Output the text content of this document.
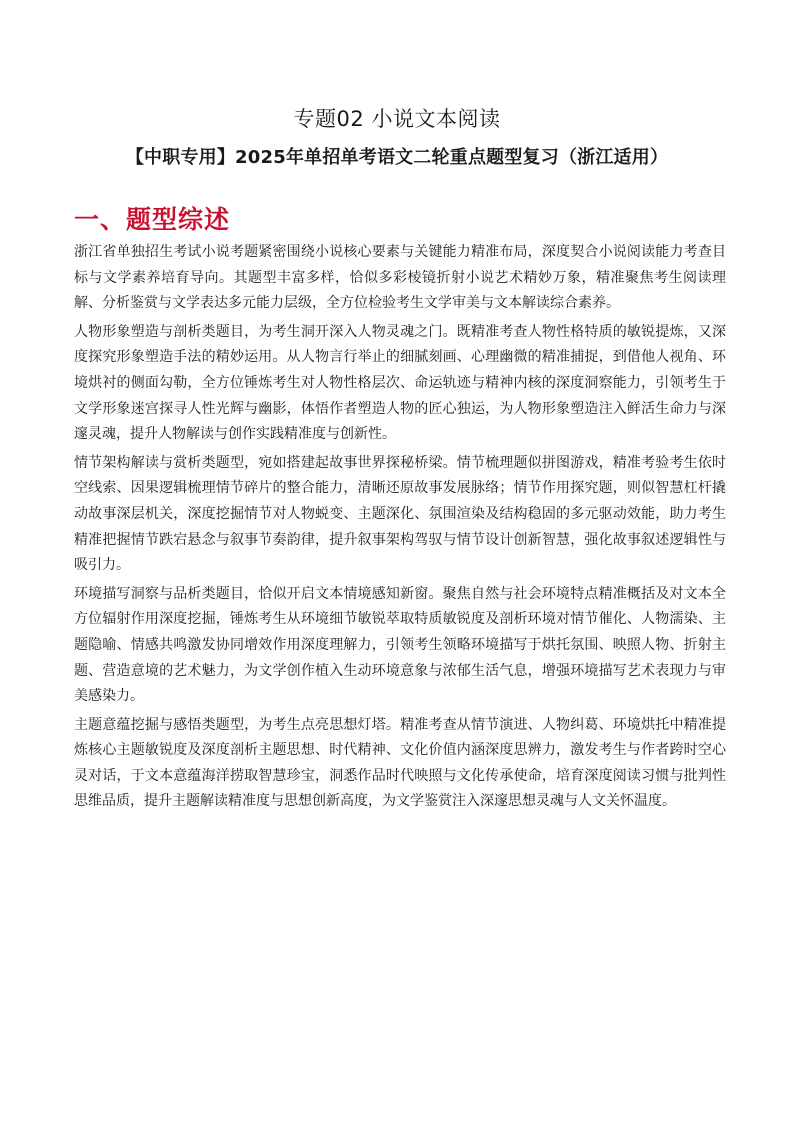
专题02 小说文本阅读
【中职专用】2025年单招单考语文二轮重点题型复习（浙江适用）
一、题型综述

浙江省单独招生考试小说考题紧密围绕小说核心要素与关键能力精准布局，深度契合小说阅读能力考查目标与文学素养培育导向。其题型丰富多样，恰似多彩棱镜折射小说艺术精妙万象，精准聚焦考生阅读理解、分析鉴赏与文学表达多元能力层级，全方位检验考生文学审美与文本解读综合素养。

人物形象塑造与剖析类题目，为考生洞开深入人物灵魂之门。既精准考查人物性格特质的敏锐提炼，又深度探究形象塑造手法的精妙运用。从人物言行举止的细腻刻画、心理幽微的精准捕捉，到借他人视角、环境烘衬的侧面勾勒，全方位锤炼考生对人物性格层次、命运轨迹与精神内核的深度洞察能力，引领考生于文学形象迷宫探寻人性光辉与幽影，体悟作者塑造人物的匠心独运，为人物形象塑造注入鲜活生命力与深邃灵魂，提升人物解读与创作实践精准度与创新性。

情节架构解读与赏析类题型，宛如搭建起故事世界探秘桥梁。情节梳理题似拼图游戏，精准考验考生依时空线索、因果逻辑梳理情节碎片的整合能力，清晰还原故事发展脉络；情节作用探究题，则似智慧杠杆撬动故事深层机关，深度挖掘情节对人物蜕变、主题深化、氛围渲染及结构稳固的多元驱动效能，助力考生精准把握情节跌宕悬念与叙事节奏韵律，提升叙事架构驾驭与情节设计创新智慧，强化故事叙述逻辑性与吸引力。

环境描写洞察与品析类题目，恰似开启文本情境感知新窗。聚焦自然与社会环境特点精准概括及对文本全方位辐射作用深度挖掘，锤炼考生从环境细节敏锐萃取特质敏锐度及剖析环境对情节催化、人物濡染、主题隐喻、情感共鸣激发协同增效作用深度理解力，引领考生领略环境描写于烘托氛围、映照人物、折射主题、营造意境的艺术魅力，为文学创作植入生动环境意象与浓郁生活气息，增强环境描写艺术表现力与审美感染力。

主题意蕴挖掘与感悟类题型，为考生点亮思想灯塔。精准考查从情节演进、人物纠葛、环境烘托中精准提炼核心主题敏锐度及深度剖析主题思想、时代精神、文化价值内涵深度思辨力，激发考生与作者跨时空心灵对话，于文本意蕴海洋捞取智慧珍宝，洞悉作品时代映照与文化传承使命，培育深度阅读习惯与批判性思维品质，提升主题解读精准度与思想创新高度，为文学鉴赏注入深邃思想灵魂与人文关怀温度。
